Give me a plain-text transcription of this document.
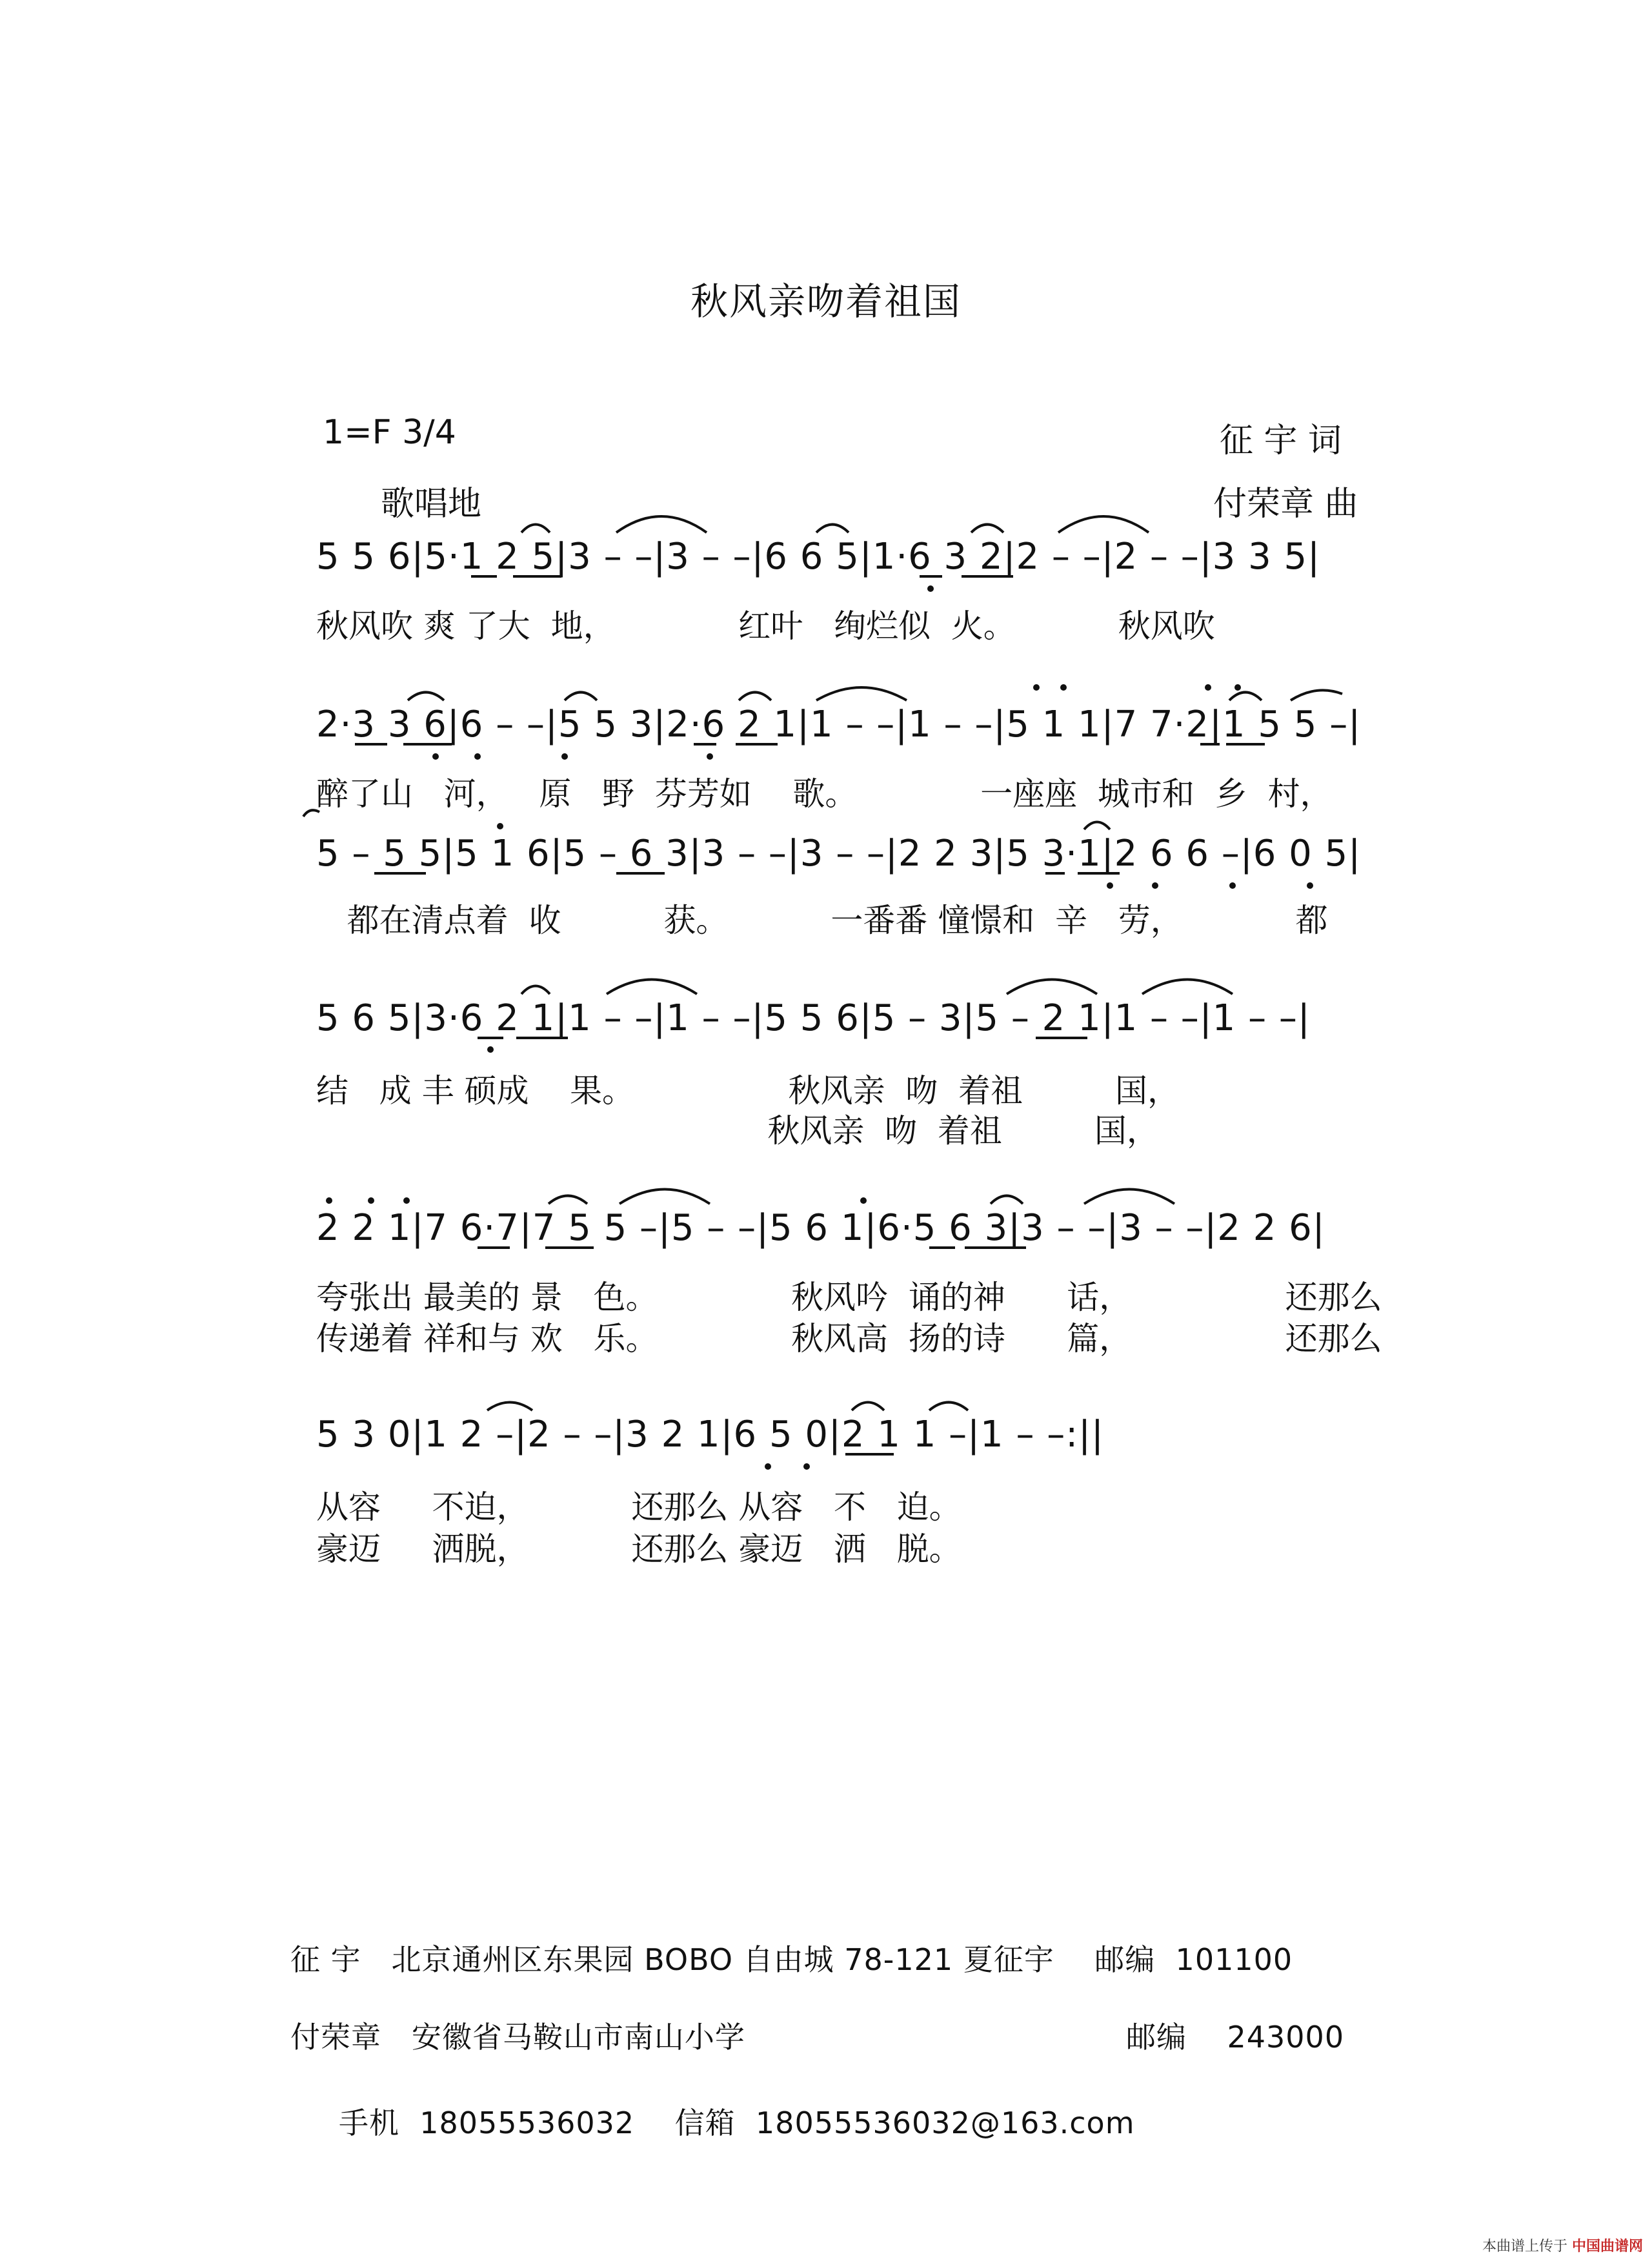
秋风亲吻着祖国
1=F 3/4	征 宇 词
歌唱地	付荣章 曲
5 5 6|5·1 2 5|3 – –|3 – –|6 6 5|1·6 3 2|2 – –|2 – –|3 3 5|
秋风吹 爽 了大  地，            红叶   绚烂似  火。          秋风吹
2·3 3 6|6 – –|5 5 3|2·6 2 1|1 – –|1 – –|5 1 1|7 7·2|1 5 5 –|
醉了山   河，   原   野  芬芳如    歌。            一座座  城市和  乡  村，
5 – 5 5|5 1 6|5 – 6 3|3 – –|3 – –|2 2 3|5 3·1|2 6 6 –|6 0 5|
都在清点着  收          获。          一番番 憧憬和  辛   劳，           都
5 6 5|3·6 2 1|1 – –|1 – –|5 5 6|5 – 3|5 – 2 1|1 – –|1 – –|
结   成 丰 硕成    果。               秋风亲  吻  着祖         国，
秋风亲  吻  着祖         国，
2 2 1|7 6·7|7 5 5 –|5 – –|5 6 1|6·5 6 3|3 – –|3 – –|2 2 6|
夸张出 最美的 景   色。             秋风吟  诵的神      话，               还那么
传递着 祥和与 欢   乐。             秋风高  扬的诗      篇，               还那么
5 3 0|1 2 –|2 – –|3 2 1|6 5 0|2 1 1 –|1 – –:||
从容     不迫，          还那么 从容   不   迫。
豪迈     洒脱，          还那么 豪迈   洒   脱。
征 宇   北京通州区东果园 BOBO 自由城 78-121 夏征宇    邮编  101100
付荣章   安徽省马鞍山市南山小学	邮编    243000
手机  18055536032    信箱  18055536032@163.com
本曲谱上传于 中国曲谱网
